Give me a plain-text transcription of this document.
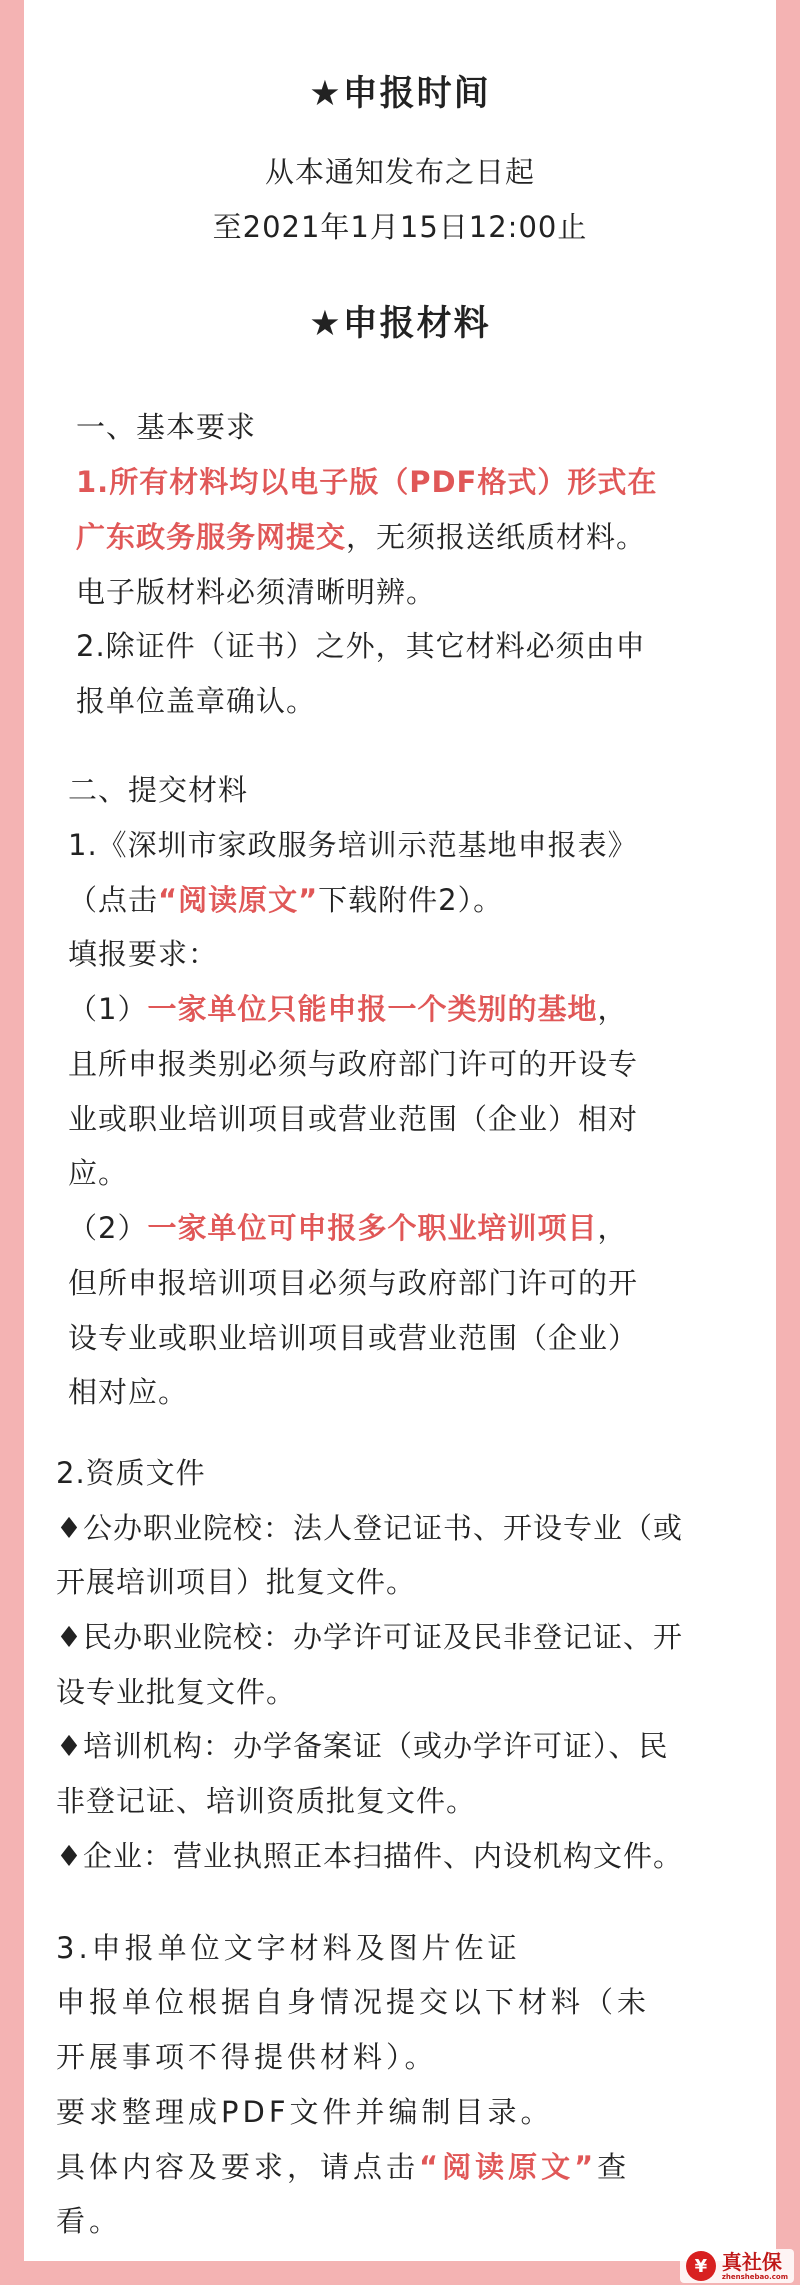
★申报时间
从本通知发布之日起
至2021年1月15日12:00止
★申报材料
一、基本要求
1.所有材料均以电子版（PDF格式）形式在
广东政务服务网提交，无须报送纸质材料。
电子版材料必须清晰明辨。
2.除证件（证书）之外，其它材料必须由申
报单位盖章确认。
二、提交材料
1.《深圳市家政服务培训示范基地申报表》
（点击“阅读原文”下载附件2）。
填报要求：
（1）一家单位只能申报一个类别的基地，
且所申报类别必须与政府部门许可的开设专
业或职业培训项目或营业范围（企业）相对
应。
（2）一家单位可申报多个职业培训项目，
但所申报培训项目必须与政府部门许可的开
设专业或职业培训项目或营业范围（企业）
相对应。
2.资质文件
♦公办职业院校：法人登记证书、开设专业（或
开展培训项目）批复文件。
♦民办职业院校：办学许可证及民非登记证、开
设专业批复文件。
♦培训机构：办学备案证（或办学许可证）、民
非登记证、培训资质批复文件。
♦企业：营业执照正本扫描件、内设机构文件。
3.申报单位文字材料及图片佐证
申报单位根据自身情况提交以下材料（未
开展事项不得提供材料）。
要求整理成PDF文件并编制目录。
具体内容及要求，请点击“阅读原文”查
看。
¥ 真社保
zhenshebao.com
